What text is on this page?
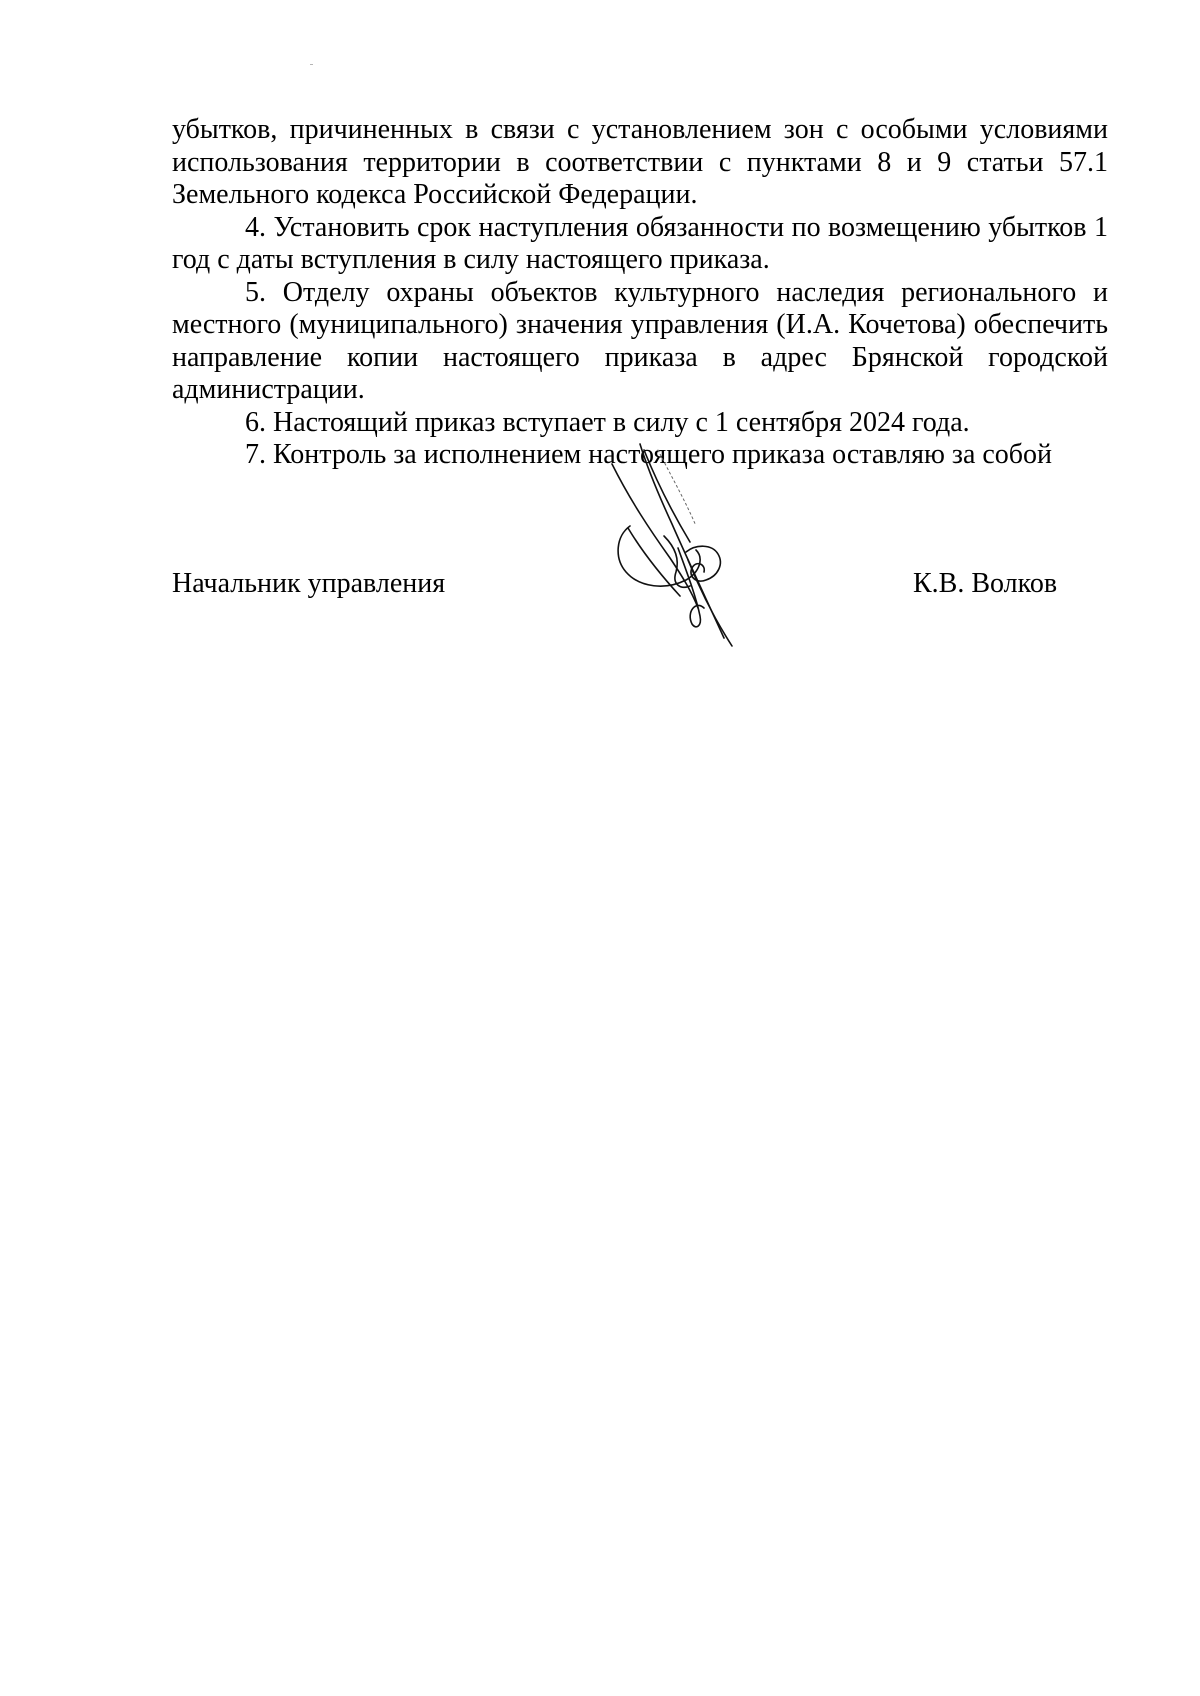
убытков, причиненных в связи с установлением зон с особыми условиями использования территории в соответствии с пунктами 8 и 9 статьи 57.1 Земельного кодекса Российской Федерации.

4. Установить срок наступления обязанности по возмещению убытков 1 год с даты вступления в силу настоящего приказа.

5. Отделу охраны объектов культурного наследия регионального и местного (муниципального) значения управления (И.А. Кочетова) обеспечить направление копии настоящего приказа в адрес Брянской городской администрации.

6. Настоящий приказ вступает в силу с 1 сентября 2024 года.

7. Контроль за исполнением настоящего приказа оставляю за собой

Начальник управления	К.В. Волков
